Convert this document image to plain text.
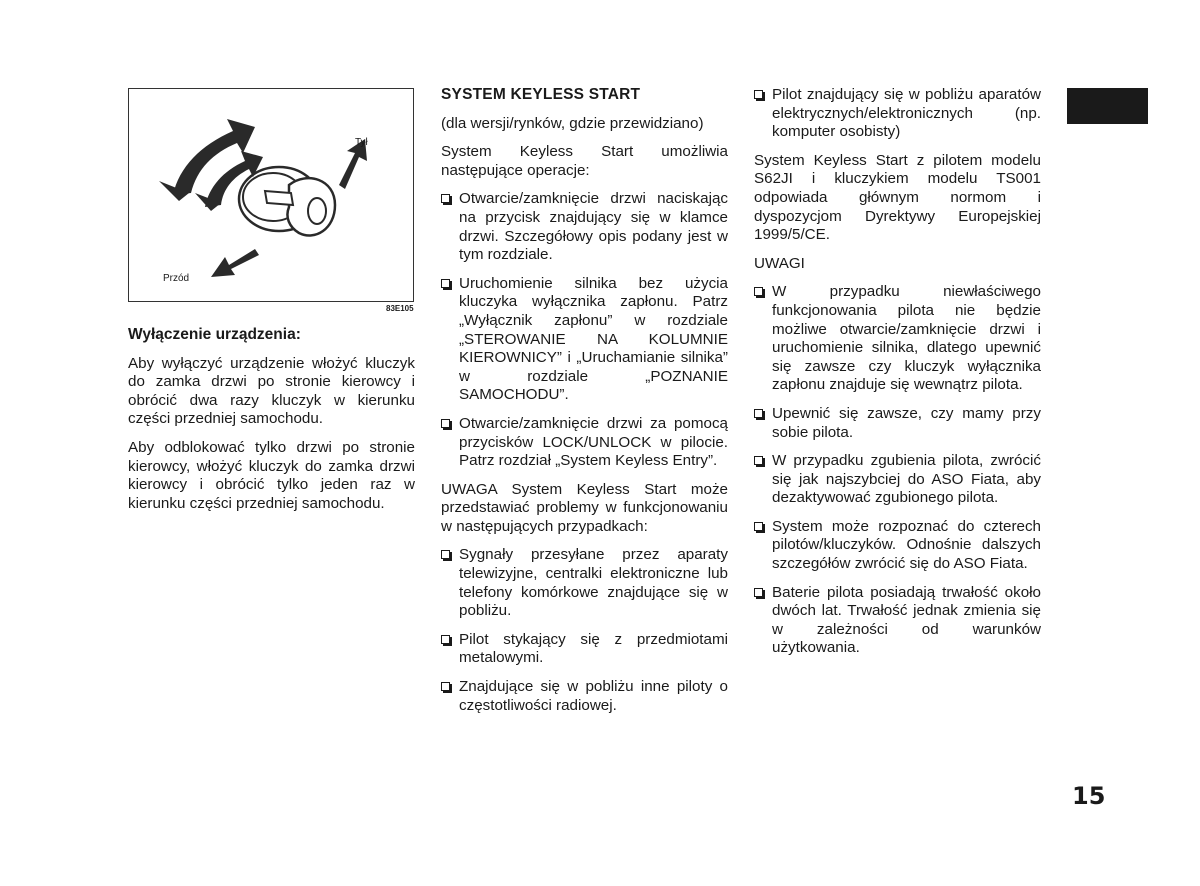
Tył
Przód
83E105

Wyłączenie urządzenia:

Aby wyłączyć urządzenie włożyć kluczyk do zamka drzwi po stronie kierowcy i obrócić dwa razy kluczyk w kierunku części przedniej samochodu.

Aby odblokować tylko drzwi po stronie kierowcy, włożyć kluczyk do zamka drzwi kierowcy i obrócić tylko jeden raz w kierunku części przedniej samochodu.

SYSTEM KEYLESS START

(dla wersji/rynków, gdzie przewidziano)

System Keyless Start umożliwia następujące operacje:

Otwarcie/zamknięcie drzwi naciskając na przycisk znajdujący się w klamce drzwi. Szczegółowy opis podany jest w tym rozdziale.
Uruchomienie silnika bez użycia kluczyka wyłącznika zapłonu. Patrz „Wyłącznik zapłonu” w rozdziale „STEROWANIE NA KOLUMNIE KIEROWNICY” i „Uruchamianie silnika” w rozdziale „POZNANIE SAMOCHODU”.
Otwarcie/zamknięcie drzwi za pomocą przycisków LOCK/UNLOCK w pilocie. Patrz rozdział „System Keyless Entry”.

UWAGA System Keyless Start może przedstawiać problemy w funkcjonowaniu w następujących przypadkach:

Sygnały przesyłane przez aparaty telewizyjne, centralki elektroniczne lub telefony komórkowe znajdujące się w pobliżu.
Pilot stykający się z przedmiotami metalowymi.
Znajdujące się w pobliżu inne piloty o częstotliwości radiowej.
Pilot znajdujący się w pobliżu aparatów elektrycznych/elektronicznych (np. komputer osobisty)

System Keyless Start z pilotem modelu S62JI i kluczykiem modelu TS001 odpowiada głównym normom i dyspozycjom Dyrektywy Europejskiej 1999/5/CE.

UWAGI

W przypadku niewłaściwego funkcjonowania pilota nie będzie możliwe otwarcie/zamknięcie drzwi i uruchomienie silnika, dlatego upewnić się zawsze czy kluczyk wyłącznika zapłonu znajduje się wewnątrz pilota.
Upewnić się zawsze, czy mamy przy sobie pilota.
W przypadku zgubienia pilota, zwrócić się jak najszybciej do ASO Fiata, aby dezaktywować zgubionego pilota.
System może rozpoznać do czterech pilotów/kluczyków. Odnośnie dalszych szczegółów zwrócić się do ASO Fiata.
Baterie pilota posiadają trwałość około dwóch lat. Trwałość jednak zmienia się w zależności od warunków użytkowania.
15
